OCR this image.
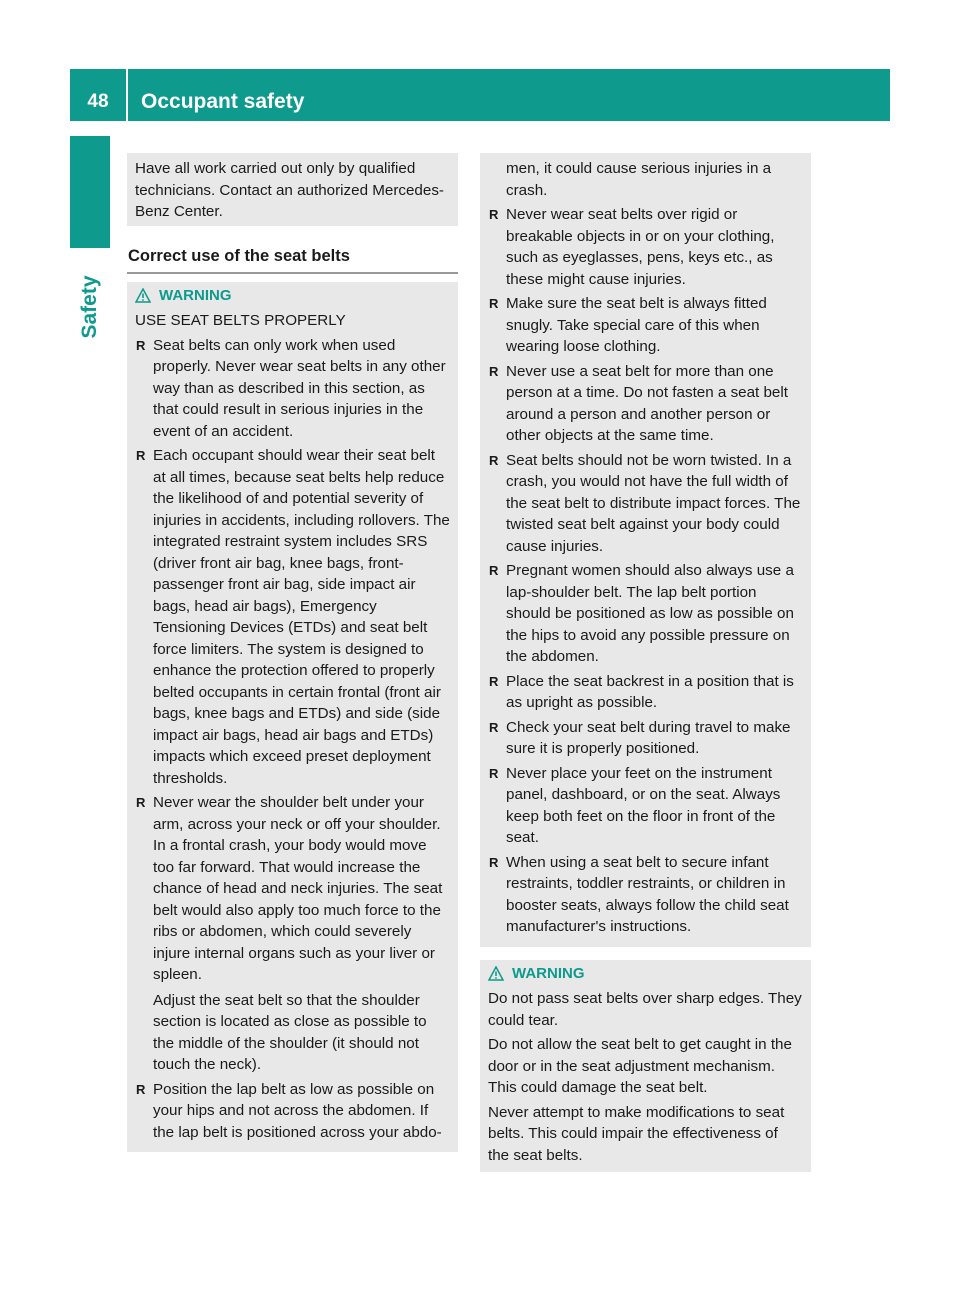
48	Occupant safety
Safety

Have all work carried out only by qualified technicians. Contact an authorized Mercedes-Benz Center.

Correct use of the seat belts
WARNING

USE SEAT BELTS PROPERLY

R Seat belts can only work when used properly. Never wear seat belts in any other way than as described in this section, as that could result in serious injuries in the event of an accident.
R Each occupant should wear their seat belt at all times, because seat belts help reduce the likelihood of and potential severity of injuries in accidents, including rollovers. The integrated restraint system includes SRS (driver front air bag, knee bags, front-passenger front air bag, side impact air bags, head air bags), Emergency Tensioning Devices (ETDs) and seat belt force limiters. The system is designed to enhance the protection offered to properly belted occupants in certain frontal (front air bags, knee bags and ETDs) and side (side impact air bags, head air bags and ETDs) impacts which exceed preset deployment thresholds.
R Never wear the shoulder belt under your arm, across your neck or off your shoulder. In a frontal crash, your body would move too far forward. That would increase the chance of head and neck injuries. The seat belt would also apply too much force to the ribs or abdomen, which could severely injure internal organs such as your liver or spleen.
Adjust the seat belt so that the shoulder section is located as close as possible to the middle of the shoulder (it should not touch the neck).
R Position the lap belt as low as possible on your hips and not across the abdomen. If the lap belt is positioned across your abdo-

men, it could cause serious injuries in a crash.

R Never wear seat belts over rigid or breakable objects in or on your clothing, such as eyeglasses, pens, keys etc., as these might cause injuries.
R Make sure the seat belt is always fitted snugly. Take special care of this when wearing loose clothing.
R Never use a seat belt for more than one person at a time. Do not fasten a seat belt around a person and another person or other objects at the same time.
R Seat belts should not be worn twisted. In a crash, you would not have the full width of the seat belt to distribute impact forces. The twisted seat belt against your body could cause injuries.
R Pregnant women should also always use a lap-shoulder belt. The lap belt portion should be positioned as low as possible on the hips to avoid any possible pressure on the abdomen.
R Place the seat backrest in a position that is as upright as possible.
R Check your seat belt during travel to make sure it is properly positioned.
R Never place your feet on the instrument panel, dashboard, or on the seat. Always keep both feet on the floor in front of the seat.
R When using a seat belt to secure infant restraints, toddler restraints, or children in booster seats, always follow the child seat manufacturer's instructions.
WARNING

Do not pass seat belts over sharp edges. They could tear.

Do not allow the seat belt to get caught in the door or in the seat adjustment mechanism. This could damage the seat belt.

Never attempt to make modifications to seat belts. This could impair the effectiveness of the seat belts.
